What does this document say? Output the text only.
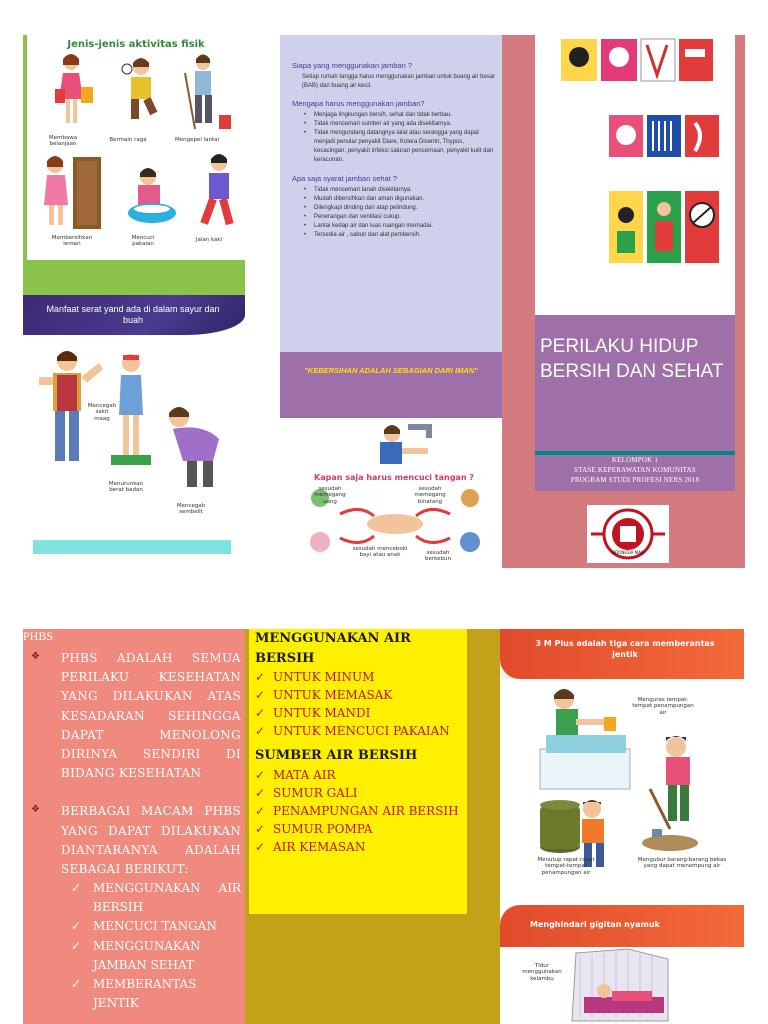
Jenis-jenis aktivitas fisik
Membawa belanjaan
Bermain raga	Mengepel lantai
Membersihkan lemari
Mencuci pakaian
Jalan kaki
Manfaat serat yand ada di dalam sayur dan buah
Mencegah sakit maag
Menurunkan berat badan
Mencegah sembelit
Siapa yang menggunakan jamban ?
Setiap rumah tangga harus menggunakan jamban untuk buang air besar (BAB) dan buang air kecil.
Mengapa harus menggunakan jamban?
• Menjaga lingkungan bersih, sehat dan tidak berbau.
• Tidak mencemari sumber air yang ada disekitarnya.
• Tidak mengundang datangnya lalat atau serangga yang dapat menjadi penular penyakit Diare, Kolera Disentri, Thypus, kecacingan, penyakit infeksi saluran pencernaan, penyakit kulit dan keracunan.
Apa saja syarat jamban sehat ?
• Tidak mencemari tanah disekitarnya.
• Mudah dibersihkan dan aman digunakan.
• Dilengkapi dinding dan atap pelindung.
• Penerangan dan ventilasi cukup.
• Lantai kedap air dan luas ruangan memadai.
• Tersedia air , sabun dan alat pembersih.
"KEBERSIHAN ADALAH SEBAGIAN DARI IMAN"
Kapan saja harus mencuci tangan ?
sesudah memegang uang
sesudah memegang binatang
sesudah menceboki bayi atau anak	sesudah berkebun
PERILAKU HIDUP BERSIH DAN SEHAT
KELOMPOK 1
STASE KEPERAWATAN KOMUNITAS
PROGRAM STUDI PROFESI NERS 2018
INDONESIA MAJU
PHBS
❖ PHBS ADALAH SEMUA PERILAKU KESEHATAN YANG DILAKUKAN ATAS KESADARAN SEHINGGA DAPAT MENOLONG DIRINYA SENDIRI DI BIDANG KESEHATAN
❖ BERBAGAI MACAM PHBS YANG DAPAT DILAKUKAN DIANTARANYA ADALAH SEBAGAI BERIKUT:
✓ MENGGUNAKAN AIR BERSIH
✓ MENCUCI TANGAN
✓ MENGGUNAKAN JAMBAN SEHAT
✓ MEMBERANTAS JENTIK
MENGGUNAKAN AIR BERSIH
✓ UNTUK MINUM
✓ UNTUK MEMASAK
✓ UNTUK MANDI
✓ UNTUK MENCUCI PAKAIAN
SUMBER AIR BERSIH
✓ MATA AIR
✓ SUMUR GALI
✓ PENAMPUNGAN AIR BERSIH
✓ SUMUR POMPA
✓ AIR KEMASAN
3 M Plus adalah tiga cara memberantas jentik
Menguras tempat-tempat penampungan air
Menutup rapat-rapat tempat-tempat penampungan air
Mengubur barang-barang bekas yang dapat menampung air
Menghindari gigitan nyamuk
Tidur menggunakan kelambu
